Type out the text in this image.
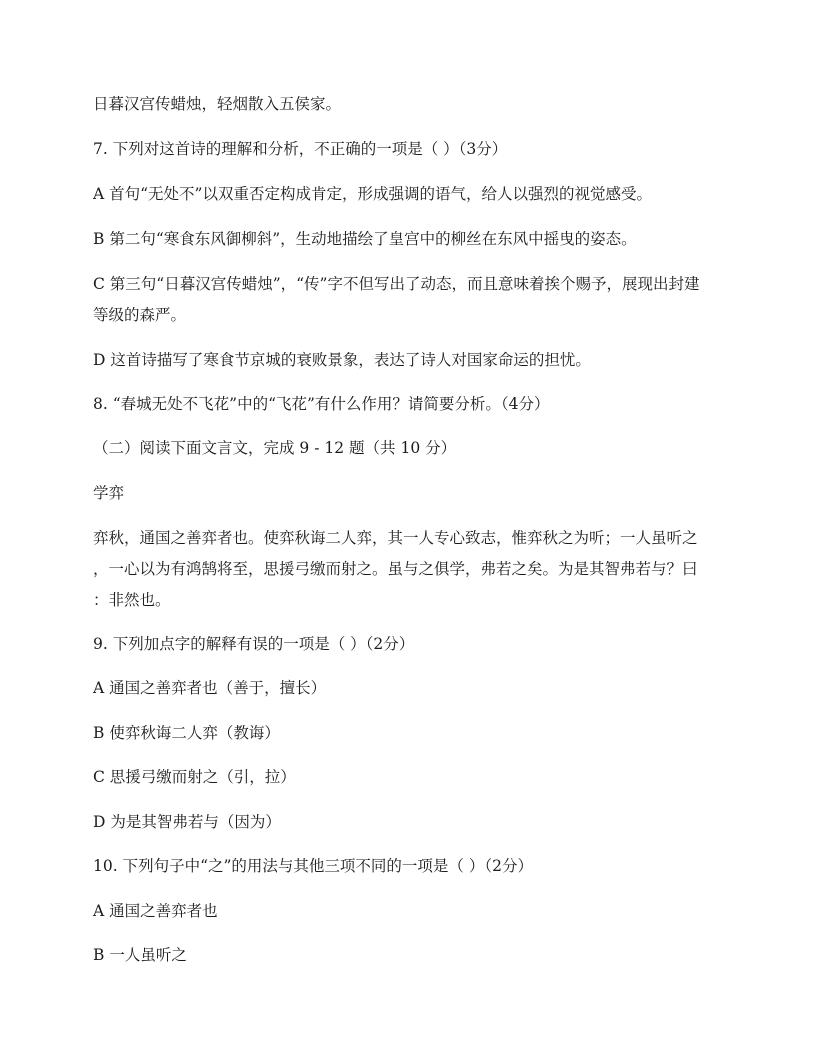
日暮汉宫传蜡烛，轻烟散入五侯家。
7. 下列对这首诗的理解和分析，不正确的一项是（ ）（3分）
A 首句“无处不”以双重否定构成肯定，形成强调的语气，给人以强烈的视觉感受。
B 第二句“寒食东风御柳斜”，生动地描绘了皇宫中的柳丝在东风中摇曳的姿态。
C 第三句“日暮汉宫传蜡烛”，“传”字不但写出了动态，而且意味着挨个赐予，展现出封建
等级的森严。
D 这首诗描写了寒食节京城的衰败景象，表达了诗人对国家命运的担忧。
8. “春城无处不飞花”中的“飞花”有什么作用？请简要分析。（4分）
（二）阅读下面文言文，完成 9 - 12 题（共 10 分）
学弈
弈秋，通国之善弈者也。使弈秋诲二人弈，其一人专心致志，惟弈秋之为听；一人虽听之
，一心以为有鸿鹄将至，思援弓缴而射之。虽与之俱学，弗若之矣。为是其智弗若与？曰
：非然也。
9. 下列加点字的解释有误的一项是（ ）（2分）
A 通国之善弈者也（善于，擅长）
B 使弈秋诲二人弈（教诲）
C 思援弓缴而射之（引，拉）
D 为是其智弗若与（因为）
10. 下列句子中“之”的用法与其他三项不同的一项是（ ）（2分）
A 通国之善弈者也
B 一人虽听之
